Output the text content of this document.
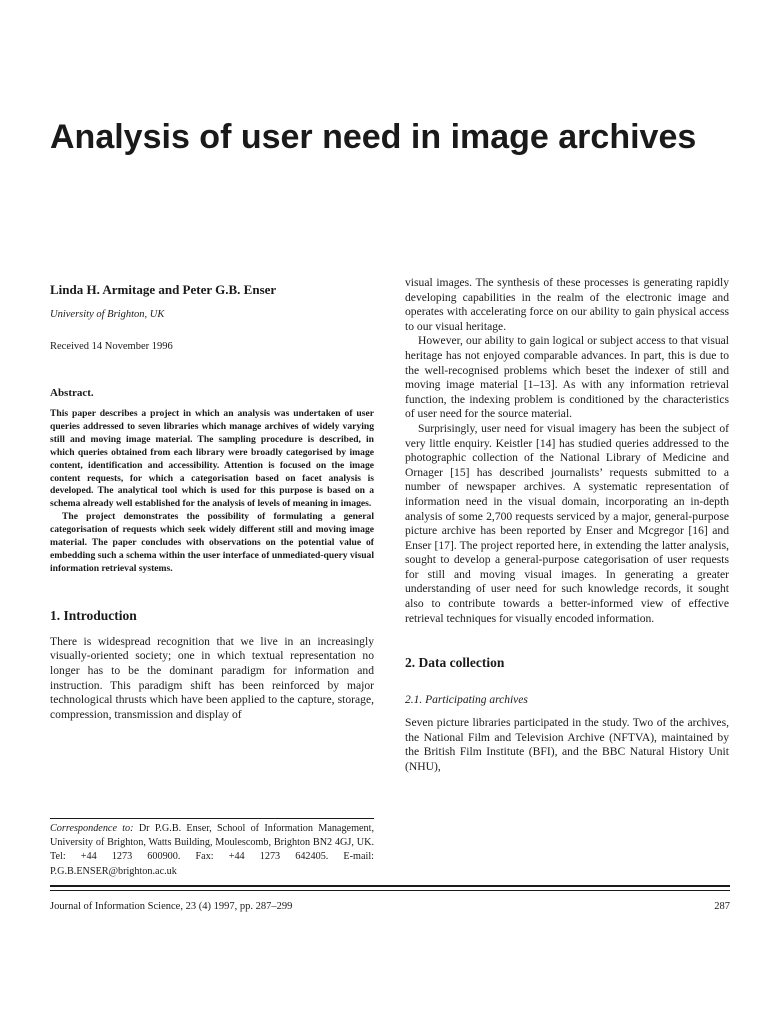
Analysis of user need in image archives

Linda H. Armitage and Peter G.B. Enser

University of Brighton, UK

Received 14 November 1996

Abstract.

This paper describes a project in which an analysis was undertaken of user queries addressed to seven libraries which manage archives of widely varying still and moving image material. The sampling procedure is described, in which queries obtained from each library were broadly categorised by image content, identification and accessibility. Attention is focused on the image content requests, for which a categorisation based on facet analysis is developed. The analytical tool which is used for this purpose is based on a schema already well established for the analysis of levels of meaning in images.

The project demonstrates the possibility of formulating a general categorisation of requests which seek widely different still and moving image material. The paper concludes with observations on the potential value of embedding such a schema within the user interface of unmediated-query visual information retrieval systems.

1. Introduction

There is widespread recognition that we live in an increasingly visually-oriented society; one in which textual representation no longer has to be the dominant paradigm for information and instruction. This paradigm shift has been reinforced by major technological thrusts which have been applied to the capture, storage, compression, transmission and display of

Correspondence to: Dr P.G.B. Enser, School of Information Management, University of Brighton, Watts Building, Moulescomb, Brighton BN2 4GJ, UK. Tel: +44 1273 600900. Fax: +44 1273 642405. E-mail: P.G.B.ENSER@brighton.ac.uk

visual images. The synthesis of these processes is generating rapidly developing capabilities in the realm of the electronic image and operates with accelerating force on our ability to gain physical access to our visual heritage.

However, our ability to gain logical or subject access to that visual heritage has not enjoyed comparable advances. In part, this is due to the well-recognised problems which beset the indexer of still and moving image material [1–13]. As with any information retrieval function, the indexing problem is conditioned by the characteristics of user need for the source material.

Surprisingly, user need for visual imagery has been the subject of very little enquiry. Keistler [14] has studied queries addressed to the photographic collection of the National Library of Medicine and Ornager [15] has described journalists’ requests submitted to a number of newspaper archives. A systematic representation of information need in the visual domain, incorporating an in-depth analysis of some 2,700 requests serviced by a major, general-purpose picture archive has been reported by Enser and Mcgregor [16] and Enser [17]. The project reported here, in extending the latter analysis, sought to develop a general-purpose categorisation of user requests for still and moving visual images. In generating a greater understanding of user need for such knowledge records, it sought also to contribute towards a better-informed view of effective retrieval techniques for visually encoded information.

2. Data collection

2.1. Participating archives

Seven picture libraries participated in the study. Two of the archives, the National Film and Television Archive (NFTVA), maintained by the British Film Institute (BFI), and the BBC Natural History Unit (NHU),

Journal of Information Science, 23 (4) 1997, pp. 287–299	287
